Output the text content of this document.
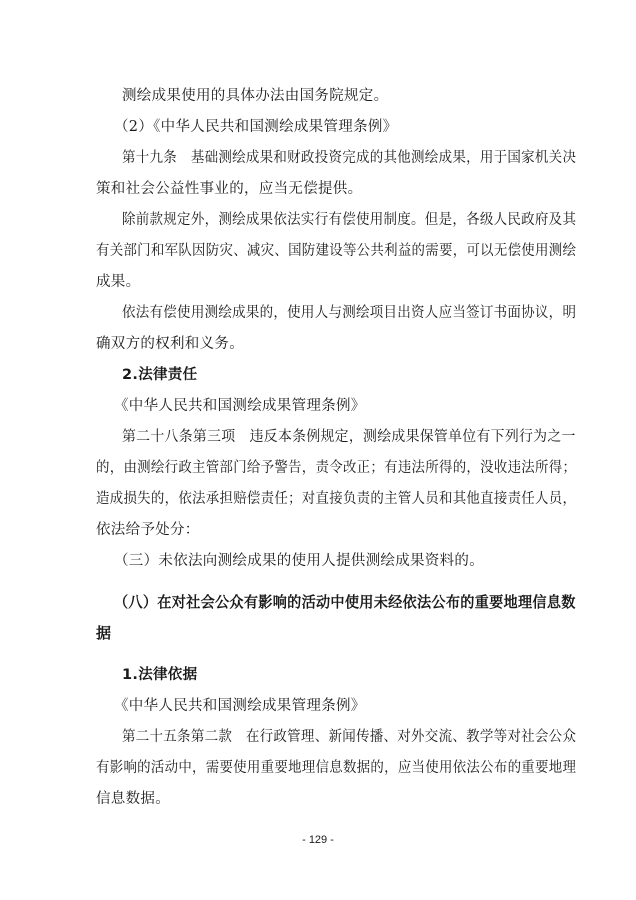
测绘成果使用的具体办法由国务院规定。
（2）《中华人民共和国测绘成果管理条例》
第十九条　基础测绘成果和财政投资完成的其他测绘成果，用于国家机关决
策和社会公益性事业的，应当无偿提供。
除前款规定外，测绘成果依法实行有偿使用制度。但是，各级人民政府及其
有关部门和军队因防灾、减灾、国防建设等公共利益的需要，可以无偿使用测绘
成果。
依法有偿使用测绘成果的，使用人与测绘项目出资人应当签订书面协议，明
确双方的权利和义务。
2.法律责任
《中华人民共和国测绘成果管理条例》
第二十八条第三项　违反本条例规定，测绘成果保管单位有下列行为之一
的，由测绘行政主管部门给予警告，责令改正；有违法所得的，没收违法所得；
造成损失的，依法承担赔偿责任；对直接负责的主管人员和其他直接责任人员，
依法给予处分：
（三）未依法向测绘成果的使用人提供测绘成果资料的。
（八）在对社会公众有影响的活动中使用未经依法公布的重要地理信息数
据
1.法律依据
《中华人民共和国测绘成果管理条例》
第二十五条第二款　在行政管理、新闻传播、对外交流、教学等对社会公众
有影响的活动中，需要使用重要地理信息数据的，应当使用依法公布的重要地理
信息数据。
- 129 -
